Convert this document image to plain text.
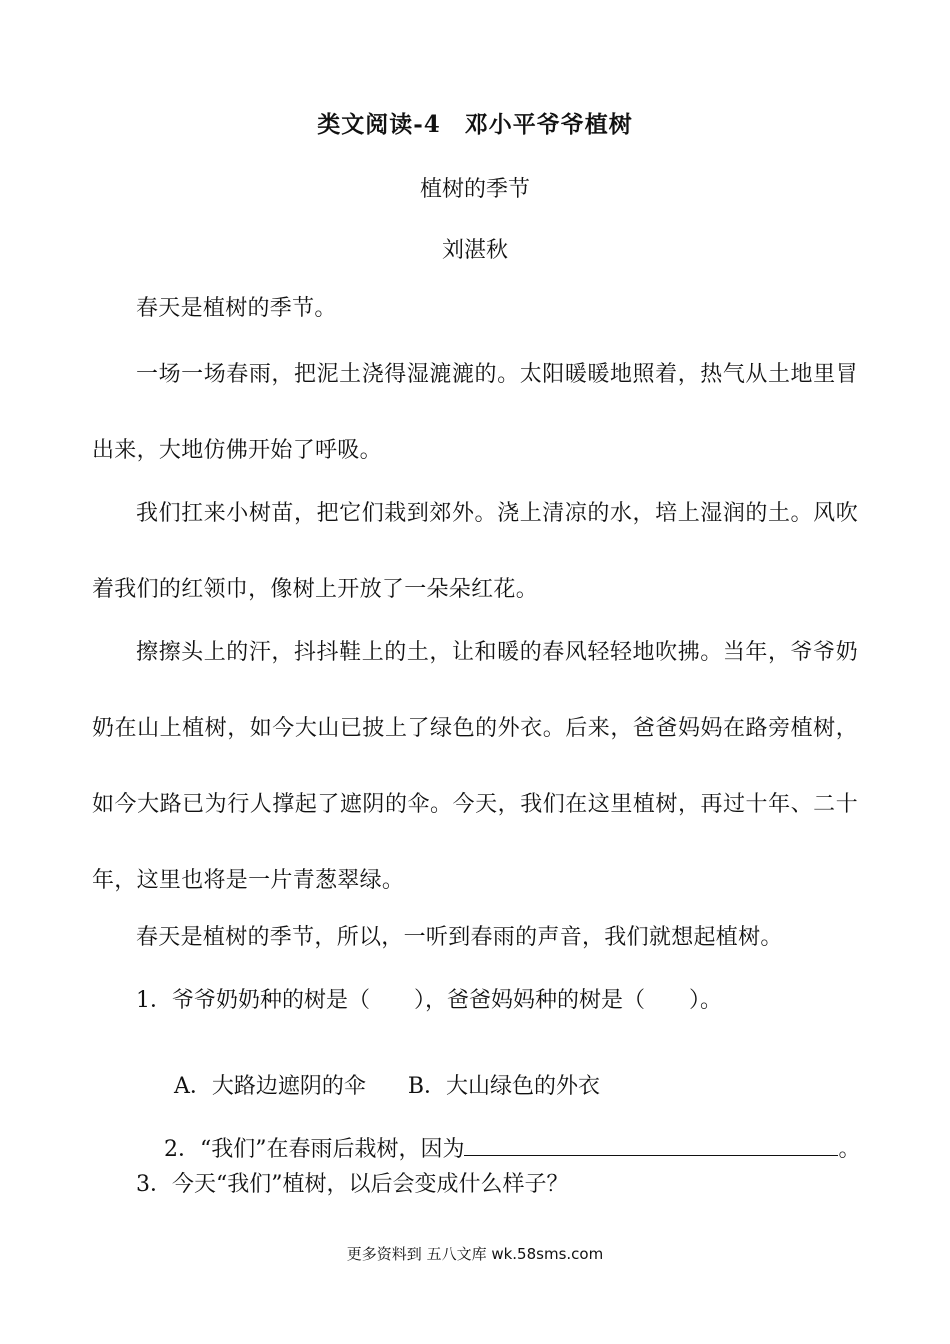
类文阅读-4　邓小平爷爷植树
植树的季节
刘湛秋
春天是植树的季节。
一场一场春雨，把泥土浇得湿漉漉的。太阳暖暖地照着，热气从土地里冒出来，大地仿佛开始了呼吸。
我们扛来小树苗，把它们栽到郊外。浇上清凉的水，培上湿润的土。风吹着我们的红领巾，像树上开放了一朵朵红花。
擦擦头上的汗，抖抖鞋上的土，让和暖的春风轻轻地吹拂。当年，爷爷奶奶在山上植树，如今大山已披上了绿色的外衣。后来，爸爸妈妈在路旁植树，如今大路已为行人撑起了遮阴的伞。今天，我们在这里植树，再过十年、二十年，这里也将是一片青葱翠绿。
春天是植树的季节，所以，一听到春雨的声音，我们就想起植树。
1．爷爷奶奶种的树是（　　），爸爸妈妈种的树是（　　）。

A．大路边遮阴的伞 B．大山绿色的外衣

2．“我们”在春雨后栽树，因为	。

3．今天“我们”植树，以后会变成什么样子？
更多资料到 五八文库 wk.58sms.com
